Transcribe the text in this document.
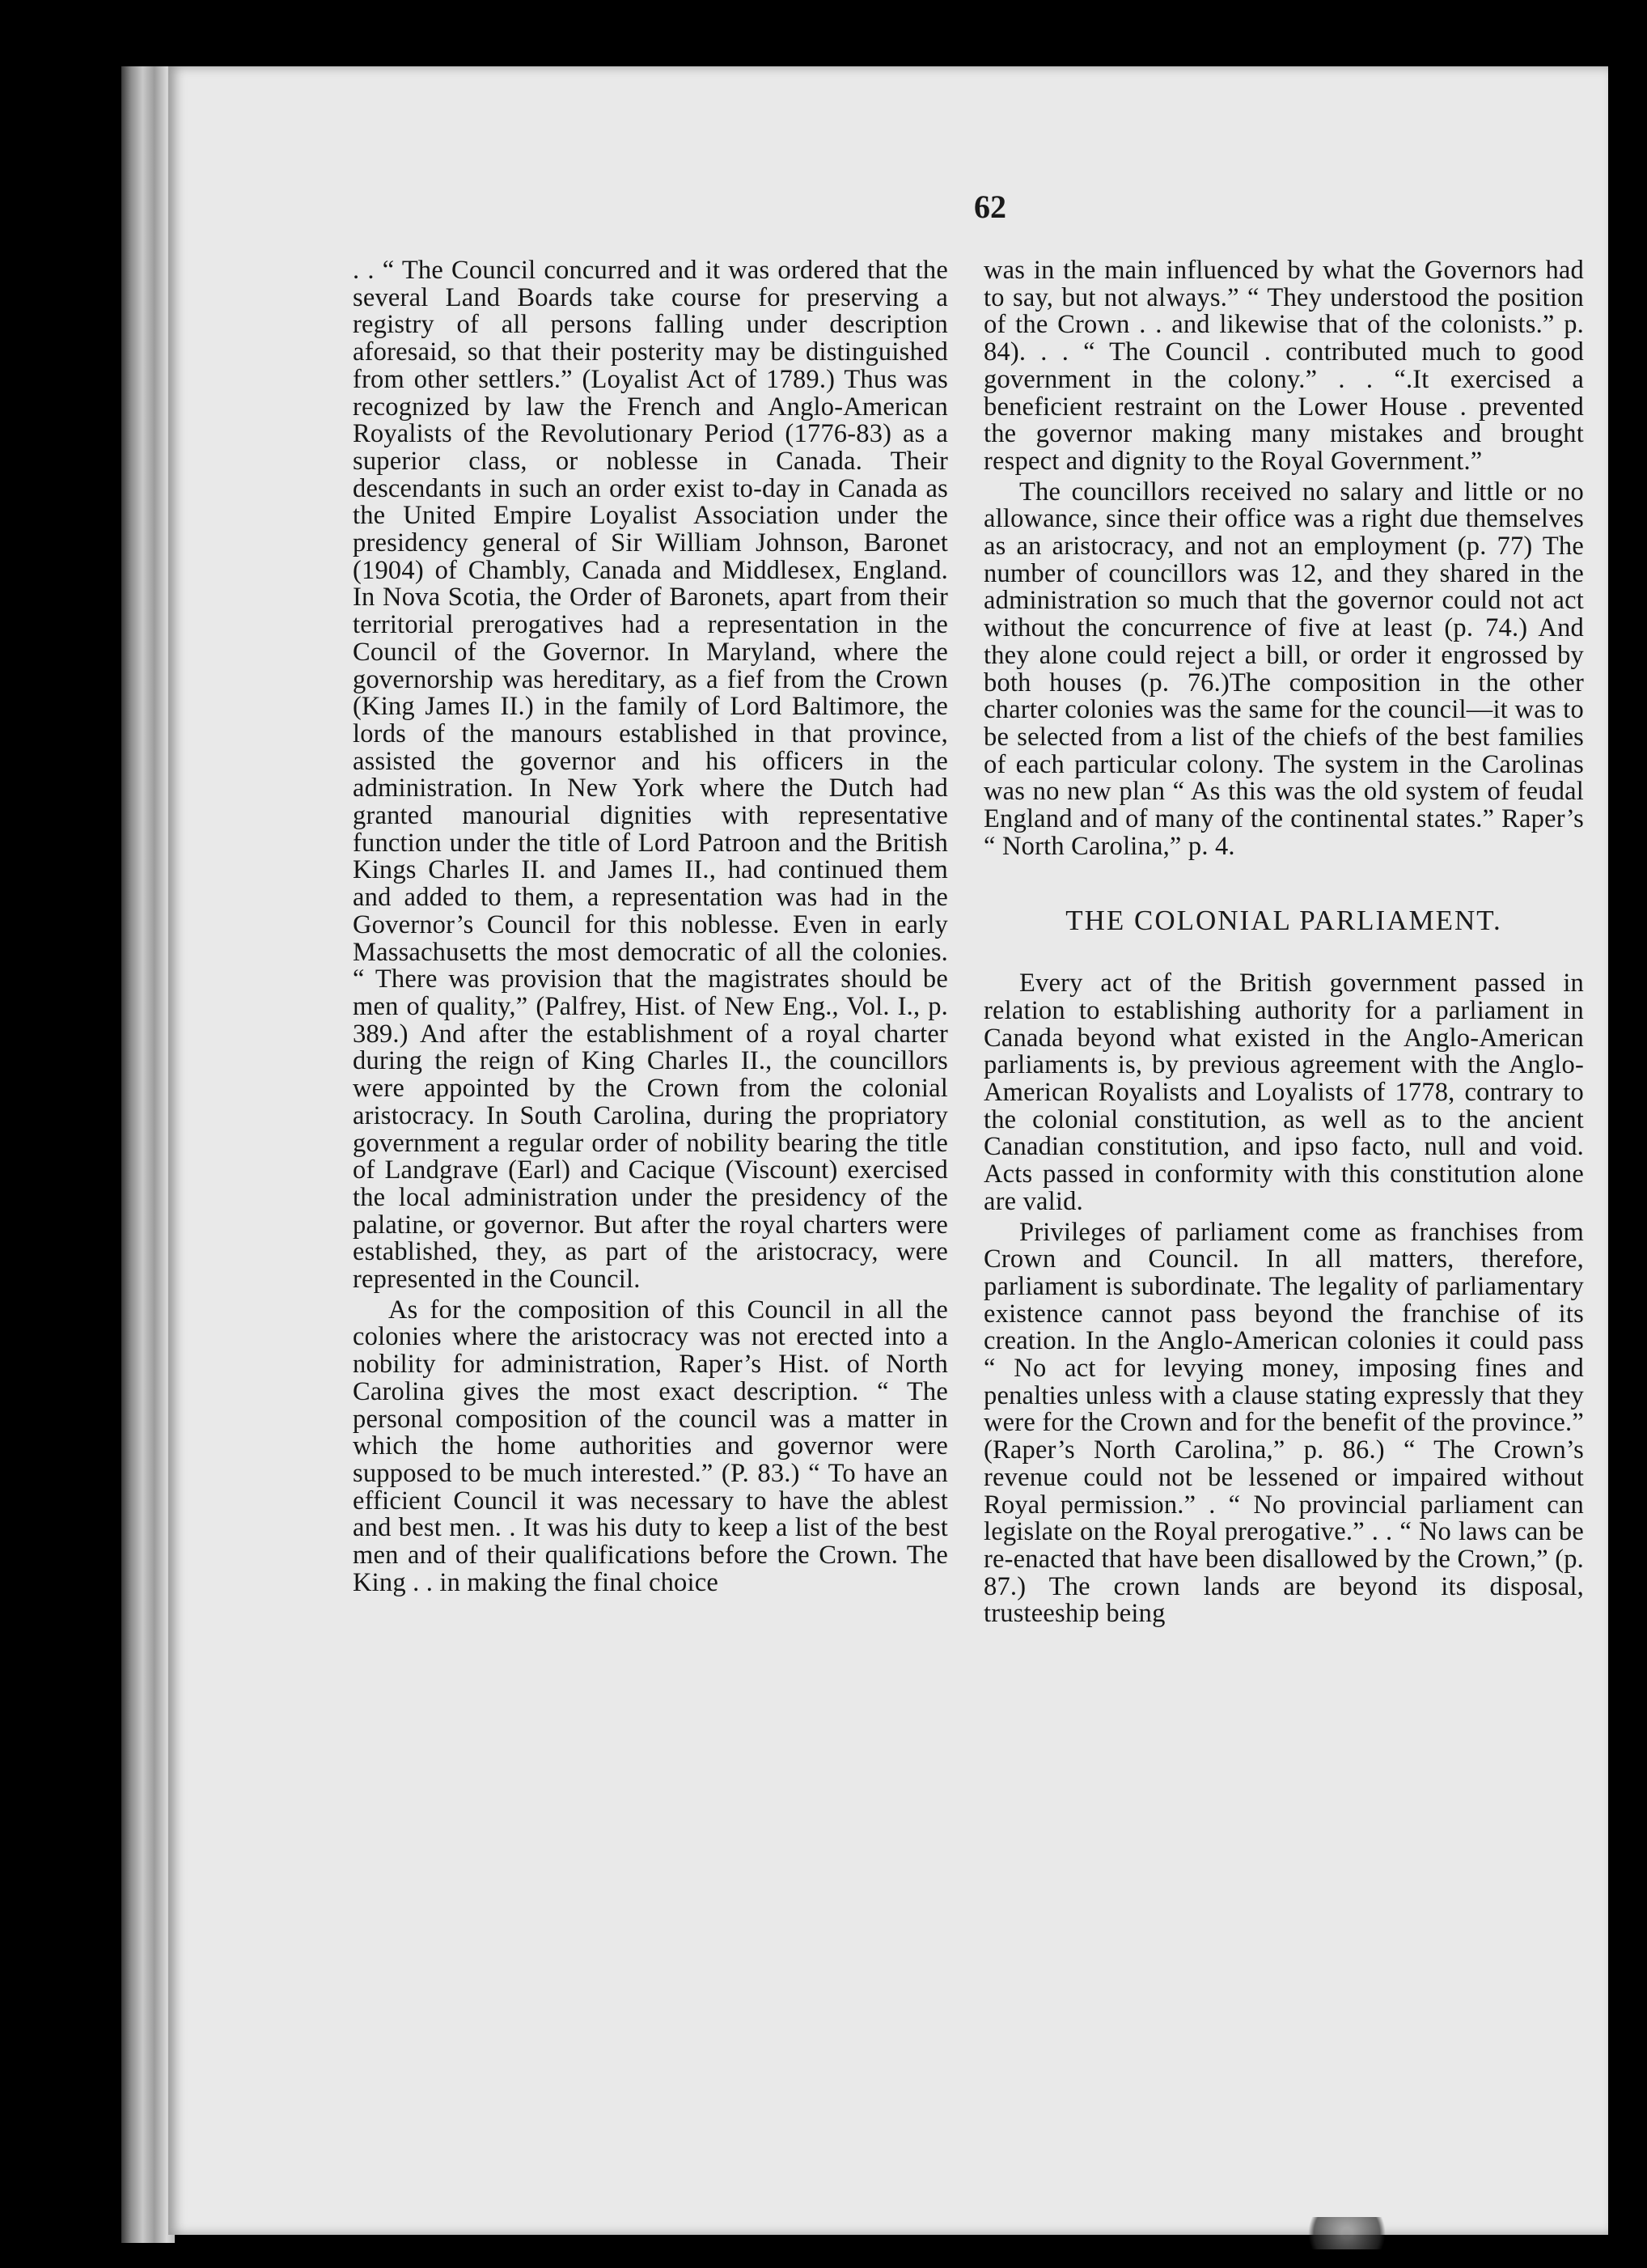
62

. . “ The Council concurred and it was ordered that the several Land Boards take course for preserving a registry of all persons falling under description aforesaid, so that their posterity may be distinguished from other settlers.” (Loyalist Act of 1789.) Thus was recognized by law the French and Anglo-American Royalists of the Revolutionary Period (1776-83) as a superior class, or noblesse in Canada. Their descendants in such an order exist to-day in Canada as the United Empire Loyalist Association under the presidency general of Sir William Johnson, Baronet (1904) of Chambly, Canada and Middlesex, England. In Nova Scotia, the Order of Baronets, apart from their territorial prerogatives had a representation in the Council of the Governor. In Maryland, where the governorship was hereditary, as a fief from the Crown (King James II.) in the family of Lord Baltimore, the lords of the manours established in that province, assisted the governor and his officers in the administration. In New York where the Dutch had granted manourial dignities with representative function under the title of Lord Patroon and the British Kings Charles II. and James II., had continued them and added to them, a representation was had in the Governor’s Council for this noblesse. Even in early Massachusetts the most democratic of all the colonies. “ There was provision that the magistrates should be men of quality,” (Palfrey, Hist. of New Eng., Vol. I., p. 389.) And after the establishment of a royal charter during the reign of King Charles II., the councillors were appointed by the Crown from the colonial aristocracy. In South Carolina, during the propriatory government a regular order of nobility bearing the title of Landgrave (Earl) and Cacique (Viscount) exercised the local administration under the presidency of the palatine, or governor. But after the royal charters were established, they, as part of the aristocracy, were represented in the Council.

As for the composition of this Council in all the colonies where the aristocracy was not erected into a nobility for administration, Raper’s Hist. of North Carolina gives the most exact description. “ The personal composition of the council was a matter in which the home authorities and governor were supposed to be much interested.” (P. 83.) “ To have an efficient Council it was necessary to have the ablest and best men. . It was his duty to keep a list of the best men and of their qualifications before the Crown. The King . . in making the final choice

was in the main influenced by what the Governors had to say, but not always.” “ They understood the position of the Crown . . and likewise that of the colonists.” p. 84). . . “ The Council . contributed much to good government in the colony.” . . “.It exercised a beneficient restraint on the Lower House . prevented the governor making many mistakes and brought respect and dignity to the Royal Government.”

The councillors received no salary and little or no allowance, since their office was a right due themselves as an aristocracy, and not an employment (p. 77) The number of councillors was 12, and they shared in the administration so much that the governor could not act without the concurrence of five at least (p. 74.) And they alone could reject a bill, or order it engrossed by both houses (p. 76.)The composition in the other charter colonies was the same for the council—it was to be selected from a list of the chiefs of the best families of each particular colony. The system in the Carolinas was no new plan “ As this was the old system of feudal England and of many of the continental states.” Raper’s “ North Carolina,” p. 4.

THE COLONIAL PARLIAMENT.

Every act of the British government passed in relation to establishing authority for a parliament in Canada beyond what existed in the Anglo-American parliaments is, by previous agreement with the Anglo-American Royalists and Loyalists of 1778, contrary to the colonial constitution, as well as to the ancient Canadian constitution, and ipso facto, null and void. Acts passed in conformity with this constitution alone are valid.

Privileges of parliament come as franchises from Crown and Council. In all matters, therefore, parliament is subordinate. The legality of parliamentary existence cannot pass beyond the franchise of its creation. In the Anglo-American colonies it could pass “ No act for levying money, imposing fines and penalties unless with a clause stating expressly that they were for the Crown and for the benefit of the province.” (Raper’s North Carolina,” p. 86.) “ The Crown’s revenue could not be lessened or impaired without Royal permission.” . “ No provincial parliament can legislate on the Royal prerogative.” . . “ No laws can be re-enacted that have been disallowed by the Crown,” (p. 87.) The crown lands are beyond its disposal, trusteeship being
